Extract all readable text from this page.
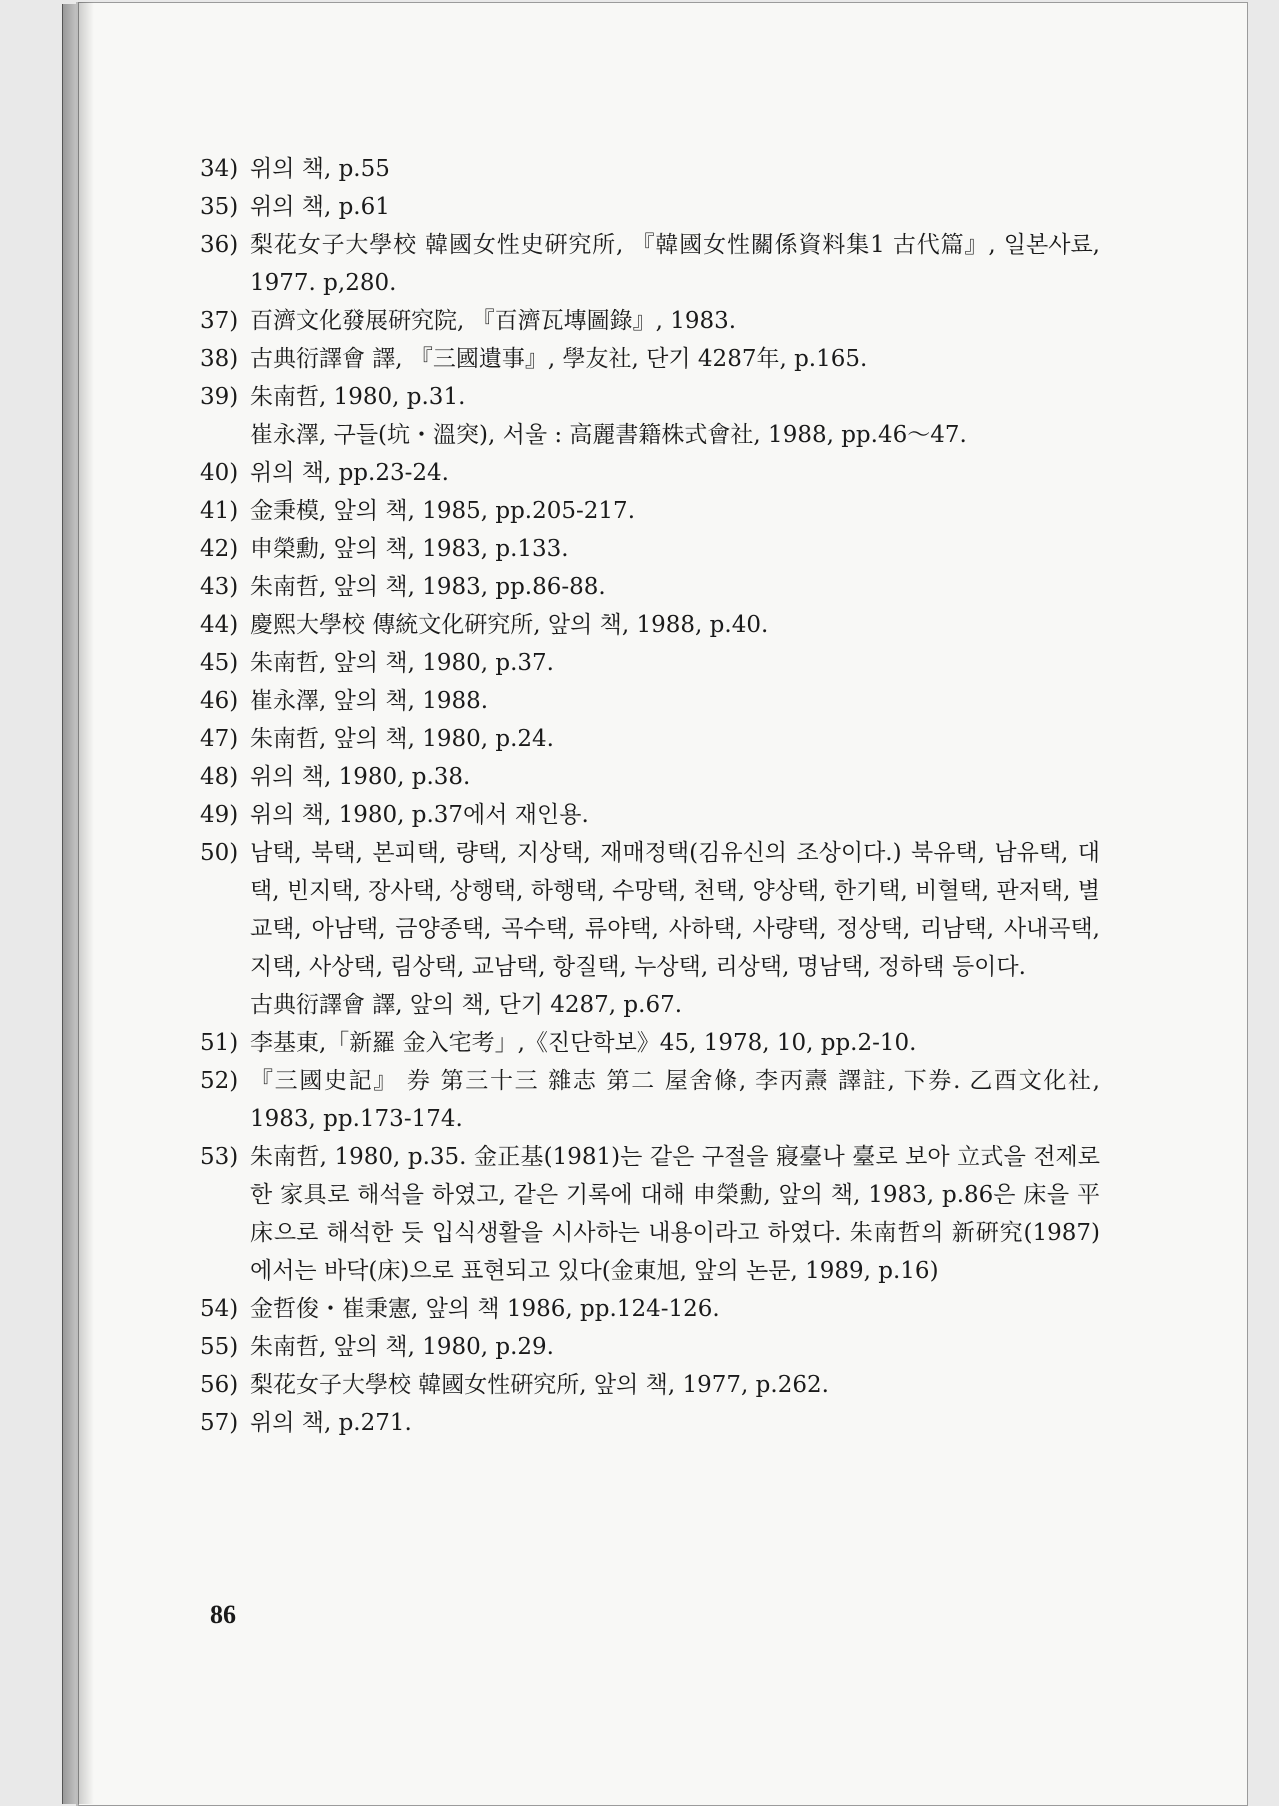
34) 위의 책, p.55
35) 위의 책, p.61
36) 梨花女子大學校 韓國女性史硏究所, 『韓國女性關係資料集1 古代篇』, 일본사료, 1977. p,280.
37) 百濟文化發展硏究院, 『百濟瓦塼圖錄』, 1983.
38) 古典衍譯會 譯, 『三國遺事』, 學友社, 단기 4287年, p.165.
39) 朱南哲, 1980, p.31.
崔永澤, 구들(坑・溫突), 서울 : 高麗書籍株式會社, 1988, pp.46～47.
40) 위의 책, pp.23-24.
41) 金秉模, 앞의 책, 1985, pp.205-217.
42) 申榮勳, 앞의 책, 1983, p.133.
43) 朱南哲, 앞의 책, 1983, pp.86-88.
44) 慶熙大學校 傳統文化硏究所, 앞의 책, 1988, p.40.
45) 朱南哲, 앞의 책, 1980, p.37.
46) 崔永澤, 앞의 책, 1988.
47) 朱南哲, 앞의 책, 1980, p.24.
48) 위의 책, 1980, p.38.
49) 위의 책, 1980, p.37에서 재인용.
50) 남택, 북택, 본피택, 량택, 지상택, 재매정택(김유신의 조상이다.) 북유택, 남유택, 대택, 빈지택, 장사택, 상행택, 하행택, 수망택, 천택, 양상택, 한기택, 비혈택, 판저택, 별교택, 아남택, 금양종택, 곡수택, 류야택, 사하택, 사량택, 정상택, 리남택, 사내곡택, 지택, 사상택, 림상택, 교남택, 항질택, 누상택, 리상택, 명남택, 정하택 등이다.
古典衍譯會 譯, 앞의 책, 단기 4287, p.67.
51) 李基東,「新羅 金入宅考」,《진단학보》45, 1978, 10, pp.2-10.
52) 『三國史記』 券 第三十三 雜志 第二 屋舍條, 李丙燾 譯註, 下券. 乙酉文化社, 1983, pp.173-174.
53) 朱南哲, 1980, p.35. 金正基(1981)는 같은 구절을 寢臺나 臺로 보아 立式을 전제로 한 家具로 해석을 하였고, 같은 기록에 대해 申榮勳, 앞의 책, 1983, p.86은 床을 平床으로 해석한 듯 입식생활을 시사하는 내용이라고 하였다. 朱南哲의 新硏究(1987)에서는 바닥(床)으로 표현되고 있다(金東旭, 앞의 논문, 1989, p.16)
54) 金哲俊・崔秉憲, 앞의 책 1986, pp.124-126.
55) 朱南哲, 앞의 책, 1980, p.29.
56) 梨花女子大學校 韓國女性硏究所, 앞의 책, 1977, p.262.
57) 위의 책, p.271.
86
